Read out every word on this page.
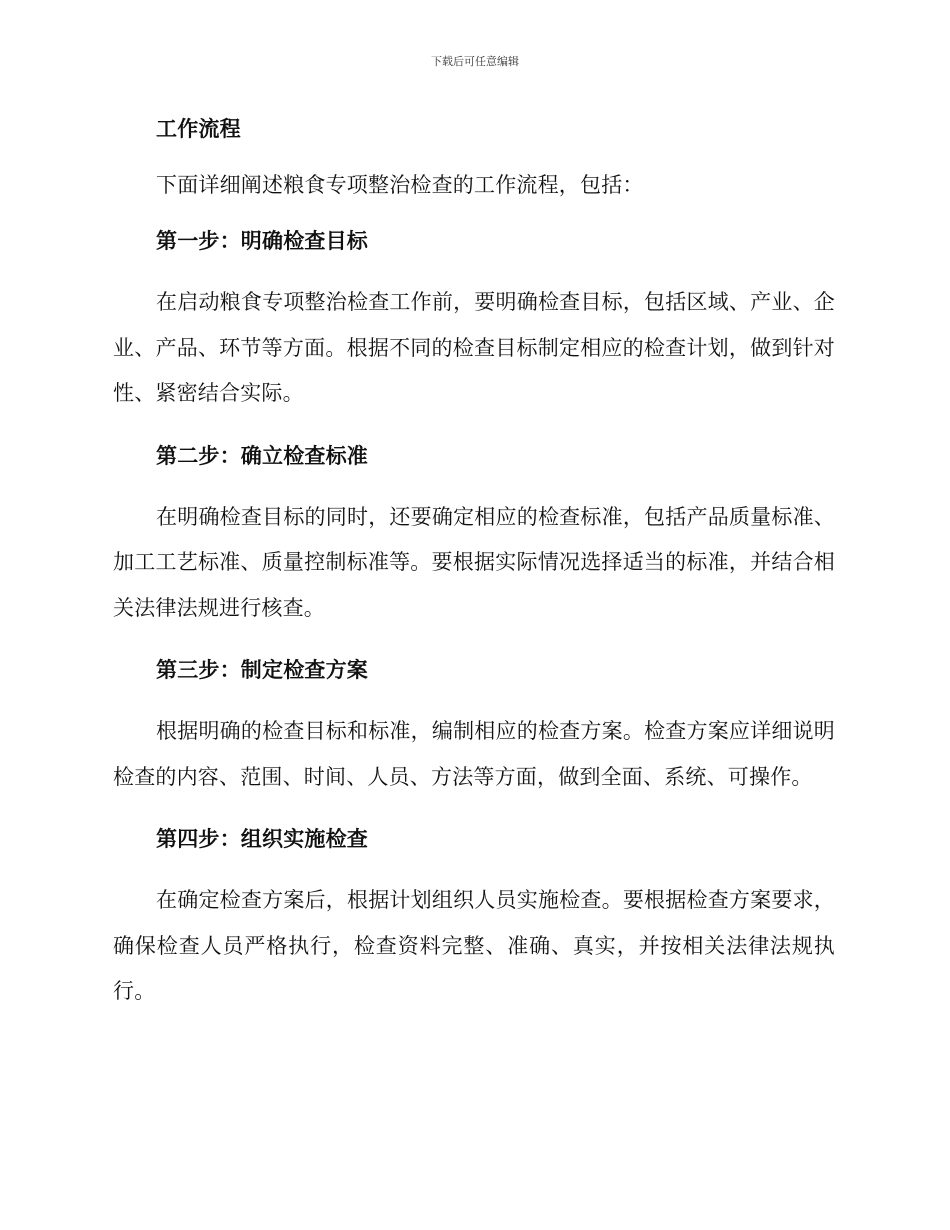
下载后可任意编辑
工作流程

下面详细阐述粮食专项整治检查的工作流程，包括：

第一步：明确检查目标

在启动粮食专项整治检查工作前，要明确检查目标，包括区域、产业、企业、产品、环节等方面。根据不同的检查目标制定相应的检查计划，做到针对性、紧密结合实际。

第二步：确立检查标准

在明确检查目标的同时，还要确定相应的检查标准，包括产品质量标准、加工工艺标准、质量控制标准等。要根据实际情况选择适当的标准，并结合相关法律法规进行核查。

第三步：制定检查方案

根据明确的检查目标和标准，编制相应的检查方案。检查方案应详细说明检查的内容、范围、时间、人员、方法等方面，做到全面、系统、可操作。

第四步：组织实施检查

在确定检查方案后，根据计划组织人员实施检查。要根据检查方案要求，确保检查人员严格执行，检查资料完整、准确、真实，并按相关法律法规执行。
